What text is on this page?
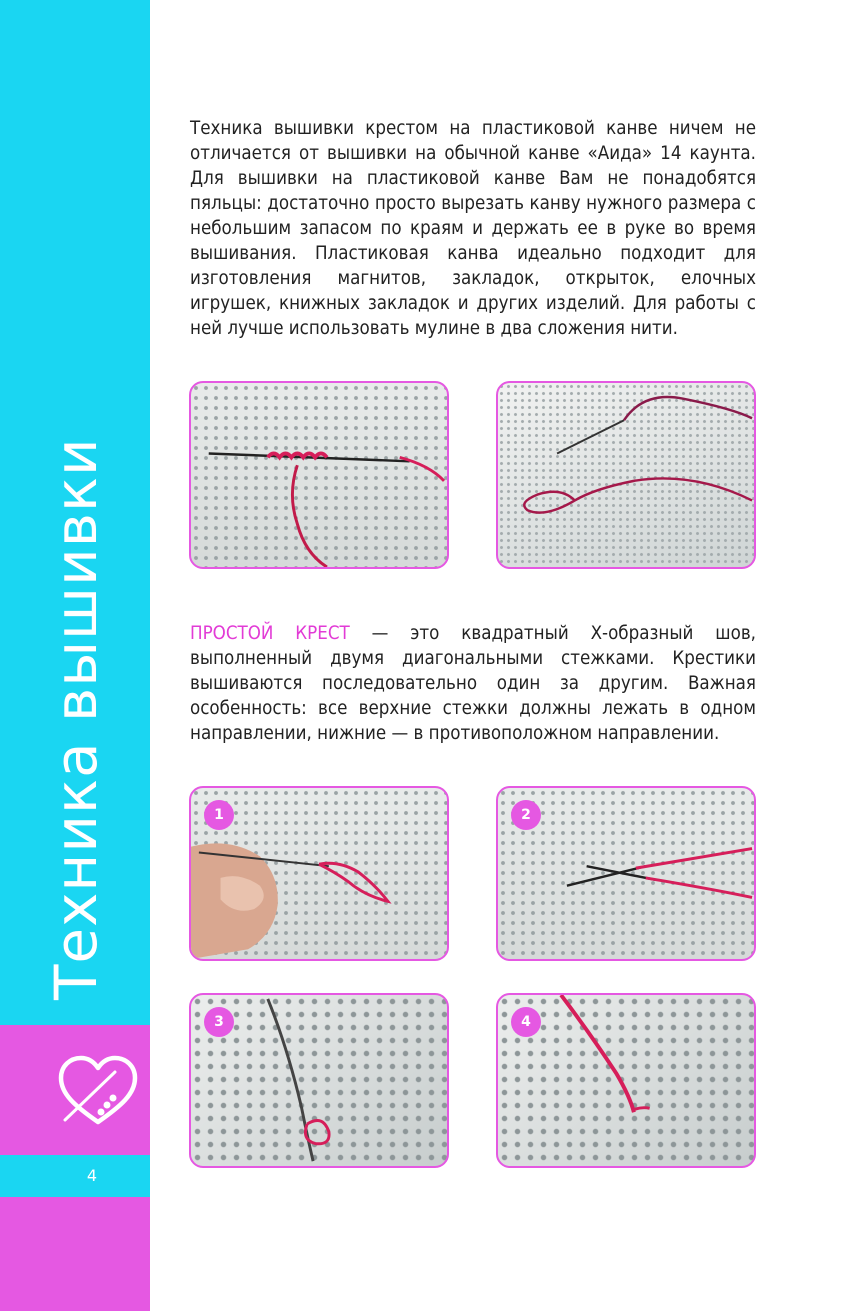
Техника вышивки
4
Техника вышивки крестом на пластиковой канве ничем не отличается от вышивки на обычной канве «Аида» 14 каунта. Для вышивки на пластиковой канве Вам не понадобятся пяльцы: достаточно просто вырезать канву нужного размера с небольшим запасом по краям и держать ее в руке во время вышивания. Пластиковая канва идеально подходит для изготовления магнитов, закладок, открыток, елочных игрушек, книжных закладок и других изделий. Для работы с ней лучше использовать мулине в два сложения нити.
ПРОСТОЙ КРЕСТ — это квадратный Х-образный шов, выполненный двумя диагональными стежками. Крестики вышиваются последовательно один за другим. Важная особенность: все верхние стежки должны лежать в одном направлении, нижние — в противоположном направлении.
1	2
3	4
